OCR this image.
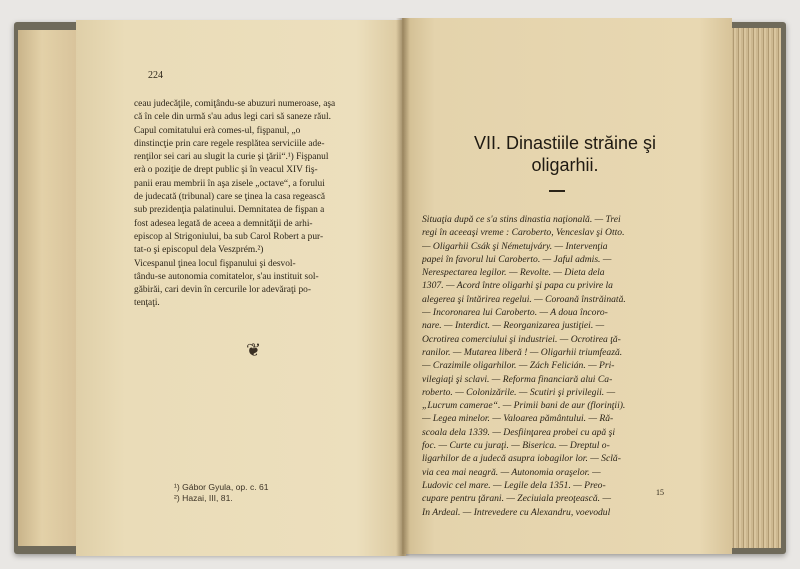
224
ceau judecăţile, comiţându-se abuzuri numeroase, aşa
că în cele din urmă s'au adus legi cari să saneze răul.
Capul comitatului erà comes-ul, fişpanul, „o
dinstincţie prin care regele resplătea serviciile ade-
renţilor sei cari au slugit la curie şi ţării“.¹) Fişpanul
erà o poziţie de drept public şi în veacul XIV fiş-
panii erau membrii în aşa zisele „octave“, a forului
de judecată (tribunal) care se ţinea la casa regească
sub prezidenţia palatinului. Demnitatea de fişpan a
fost adesea legată de aceea a demnităţii de arhi-
episcop al Strigoniului, ba sub Carol Robert a pur-
tat-o şi episcopul dela Veszprém.²)
Vicespanul ţinea locul fişpanului şi desvol-
tându-se autonomia comitatelor, s'au instituit sol-
găbirăi, cari devin în cercurile lor adevăraţi po-
tenţaţi.
❦
¹) Gábor Gyula, op. c. 61
²) Hazai, III, 81.
VII. Dinastiile străine şi
oligarhii.
Situaţia după ce s'a stins dinastia naţională. — Trei
regi în aceeaşi vreme : Caroberto, Venceslav şi Otto.
— Oligarhii Csák şi Németujváry. — Intervenţia
papei în favorul lui Caroberto. — Jaful admis. —
Nerespectarea legilor. — Revolte. — Dieta dela
1307. — Acord între oligarhi şi papa cu privire la
alegerea şi întărirea regelui. — Coroană înstrăinată.
— Incoronarea lui Caroberto. — A doua încoro-
nare. — Interdict. — Reorganizarea justiţiei. —
Ocrotirea comerciului şi industriei. — Ocrotirea ţă-
ranilor. — Mutarea liberă ! — Oligarhii triumfează.
— Crazimile oligarhilor. — Zách Felicián. — Pri-
vilegiaţi şi sclavi. — Reforma financiară alui Ca-
roberto. — Colonizările. — Scutiri şi privilegii. —
„Lucrum camerae“. — Primii bani de aur (florinţii).
— Legea minelor. — Valoarea pământului. — Ră-
scoala dela 1339. — Desfiinţarea probei cu apă şi
foc. — Curte cu juraţi. — Biserica. — Dreptul o-
ligarhilor de a judecă asupra iobagilor lor. — Sclă-
via cea mai neagră. — Autonomia oraşelor. —
Ludovic cel mare. — Legile dela 1351. — Preo-
cupare pentru ţărani. — Zeciuiala preoţească. —
In Ardeal. — Intrevedere cu Alexandru, voevodul
15
